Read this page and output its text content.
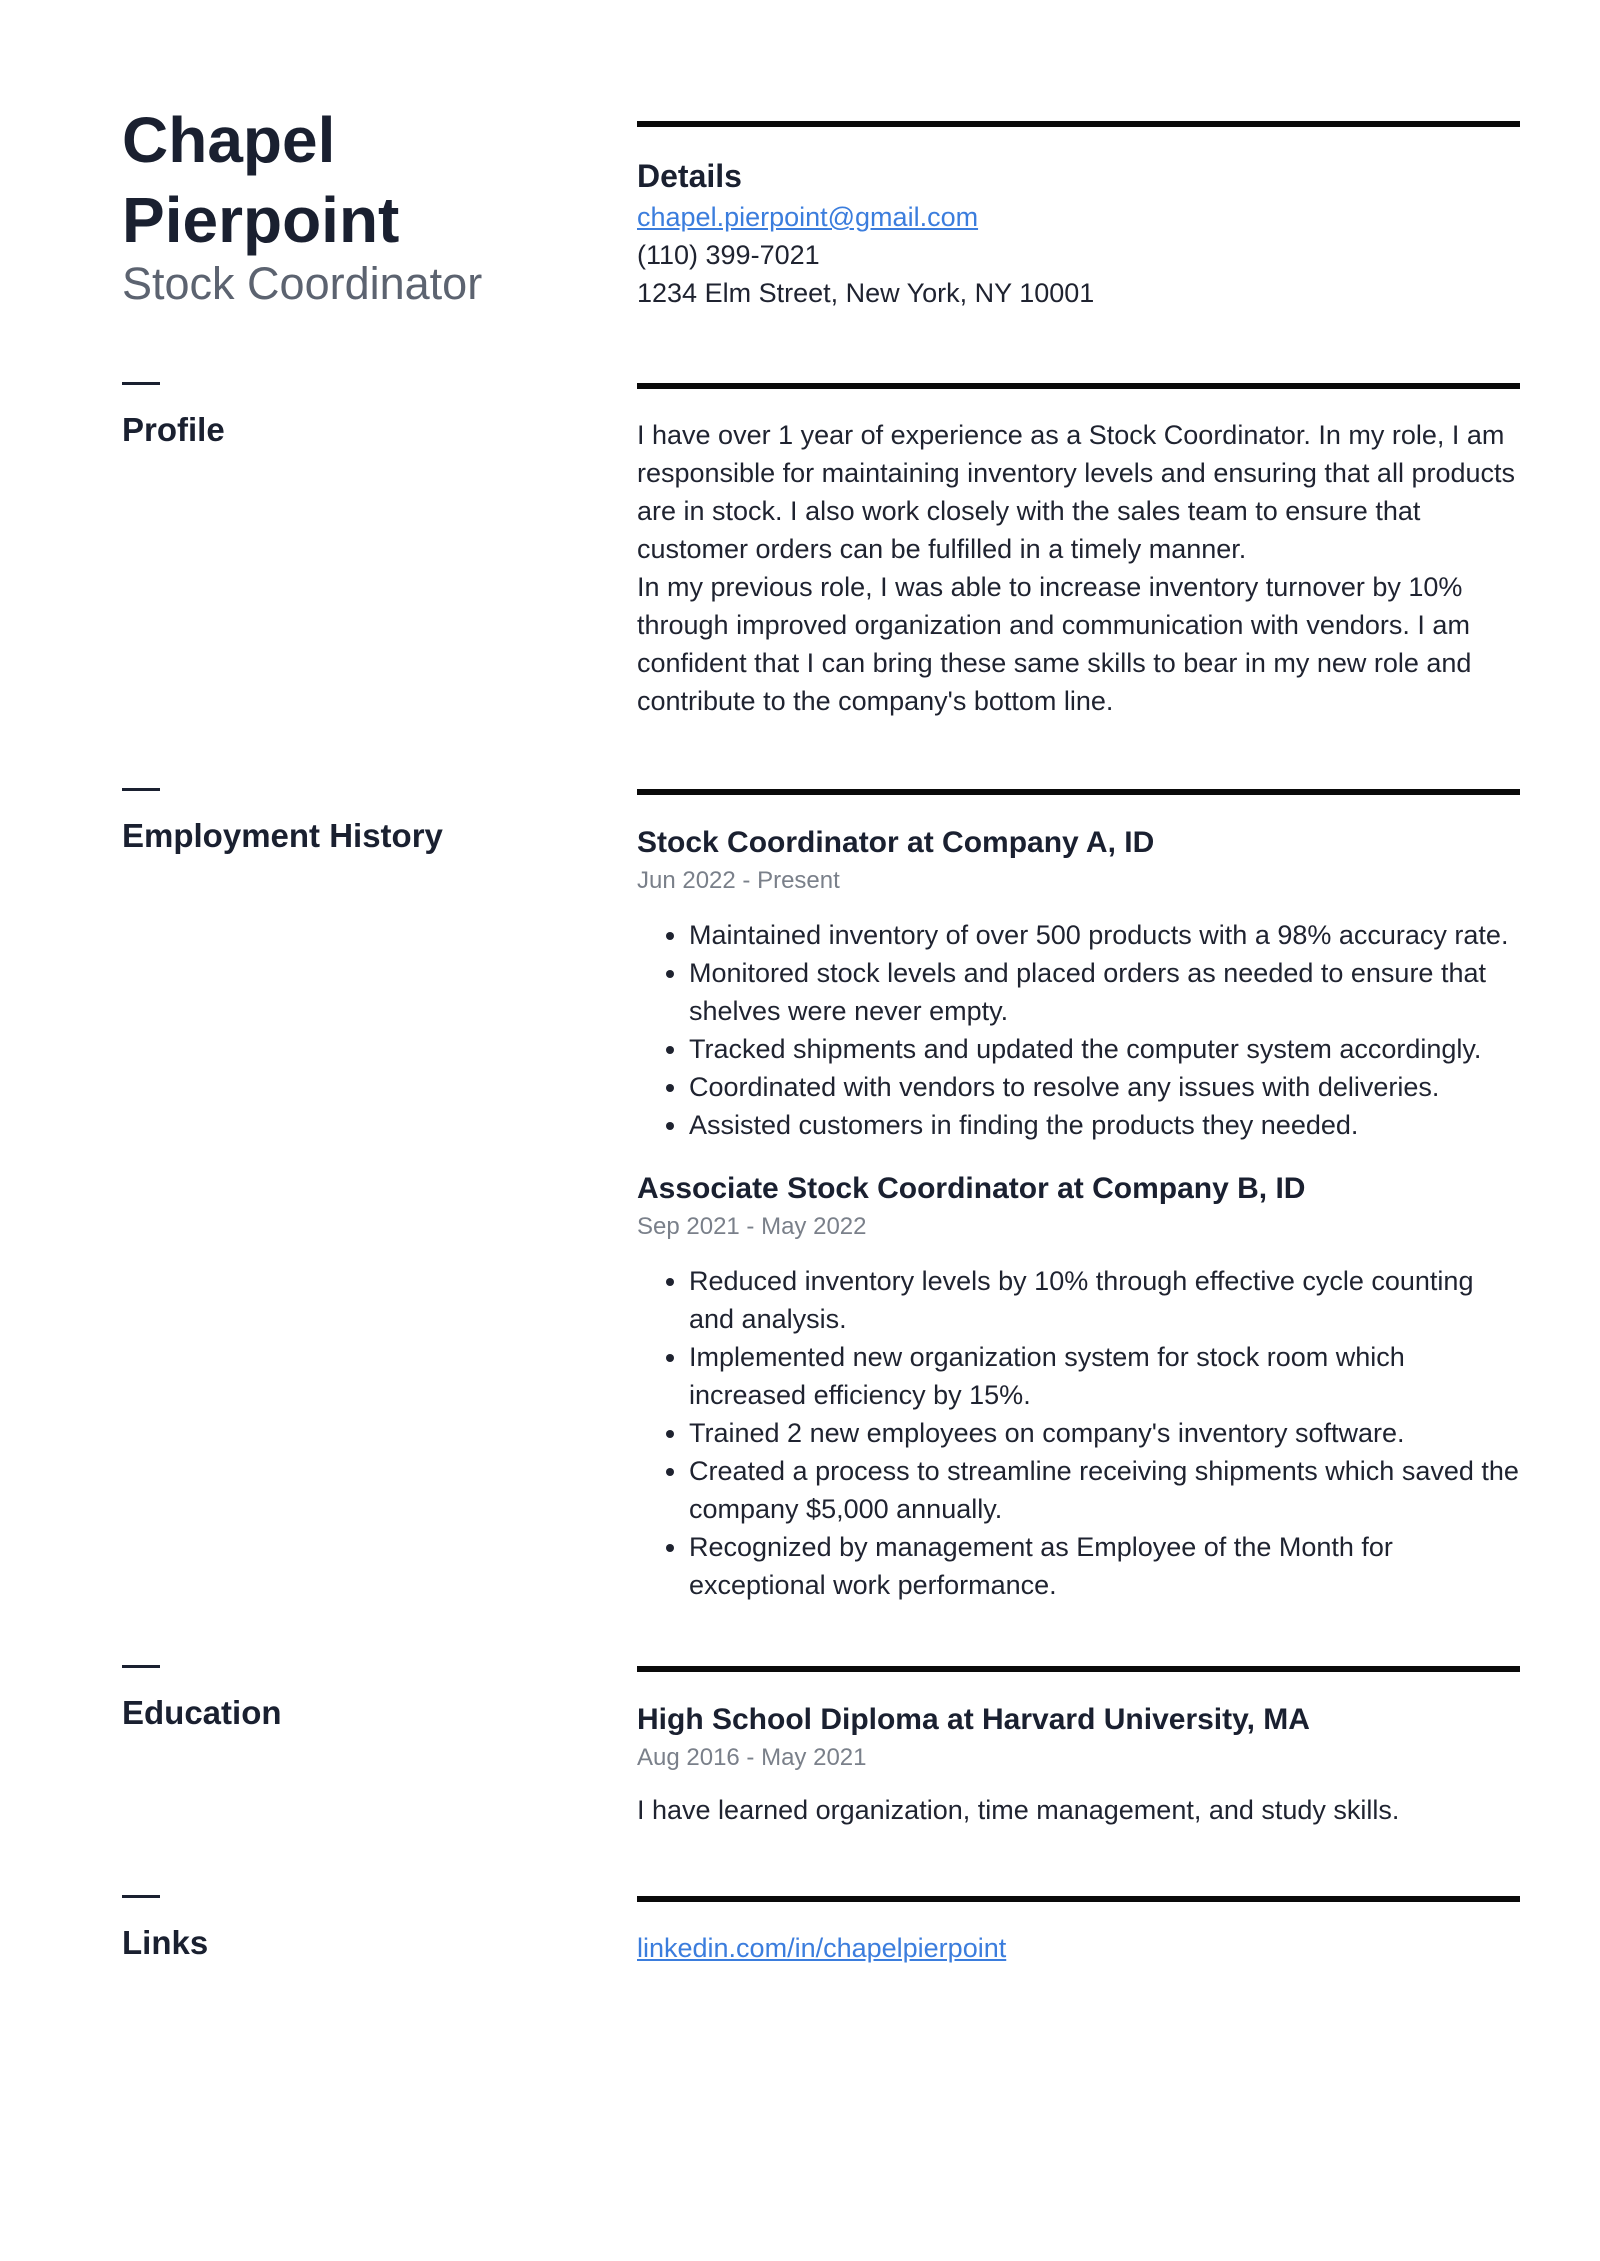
Chapel
Pierpoint
Stock Coordinator

Details

chapel.pierpoint@gmail.com

(110) 399-7021

1234 Elm Street, New York, NY 10001

Profile	I have over 1 year of experience as a Stock Coordinator. In my role, I am responsible for maintaining inventory levels and ensuring that all products are in stock. I also work closely with the sales team to ensure that customer orders can be fulfilled in a timely manner.

In my previous role, I was able to increase inventory turnover by 10% through improved organization and communication with vendors. I am confident that I can bring these same skills to bear in my new role and contribute to the company's bottom line.

Employment History	Stock Coordinator at Company A, ID

Jun 2022 - Present

• Maintained inventory of over 500 products with a 98% accuracy rate.
• Monitored stock levels and placed orders as needed to ensure that shelves were never empty.
• Tracked shipments and updated the computer system accordingly.
• Coordinated with vendors to resolve any issues with deliveries.
• Assisted customers in finding the products they needed.

Associate Stock Coordinator at Company B, ID

Sep 2021 - May 2022

• Reduced inventory levels by 10% through effective cycle counting and analysis.
• Implemented new organization system for stock room which increased efficiency by 15%.
• Trained 2 new employees on company's inventory software.
• Created a process to streamline receiving shipments which saved the company $5,000 annually.
• Recognized by management as Employee of the Month for exceptional work performance.
Education	High School Diploma at Harvard University, MA

Aug 2016 - May 2021

I have learned organization, time management, and study skills.

Links	linkedin.com/in/chapelpierpoint
